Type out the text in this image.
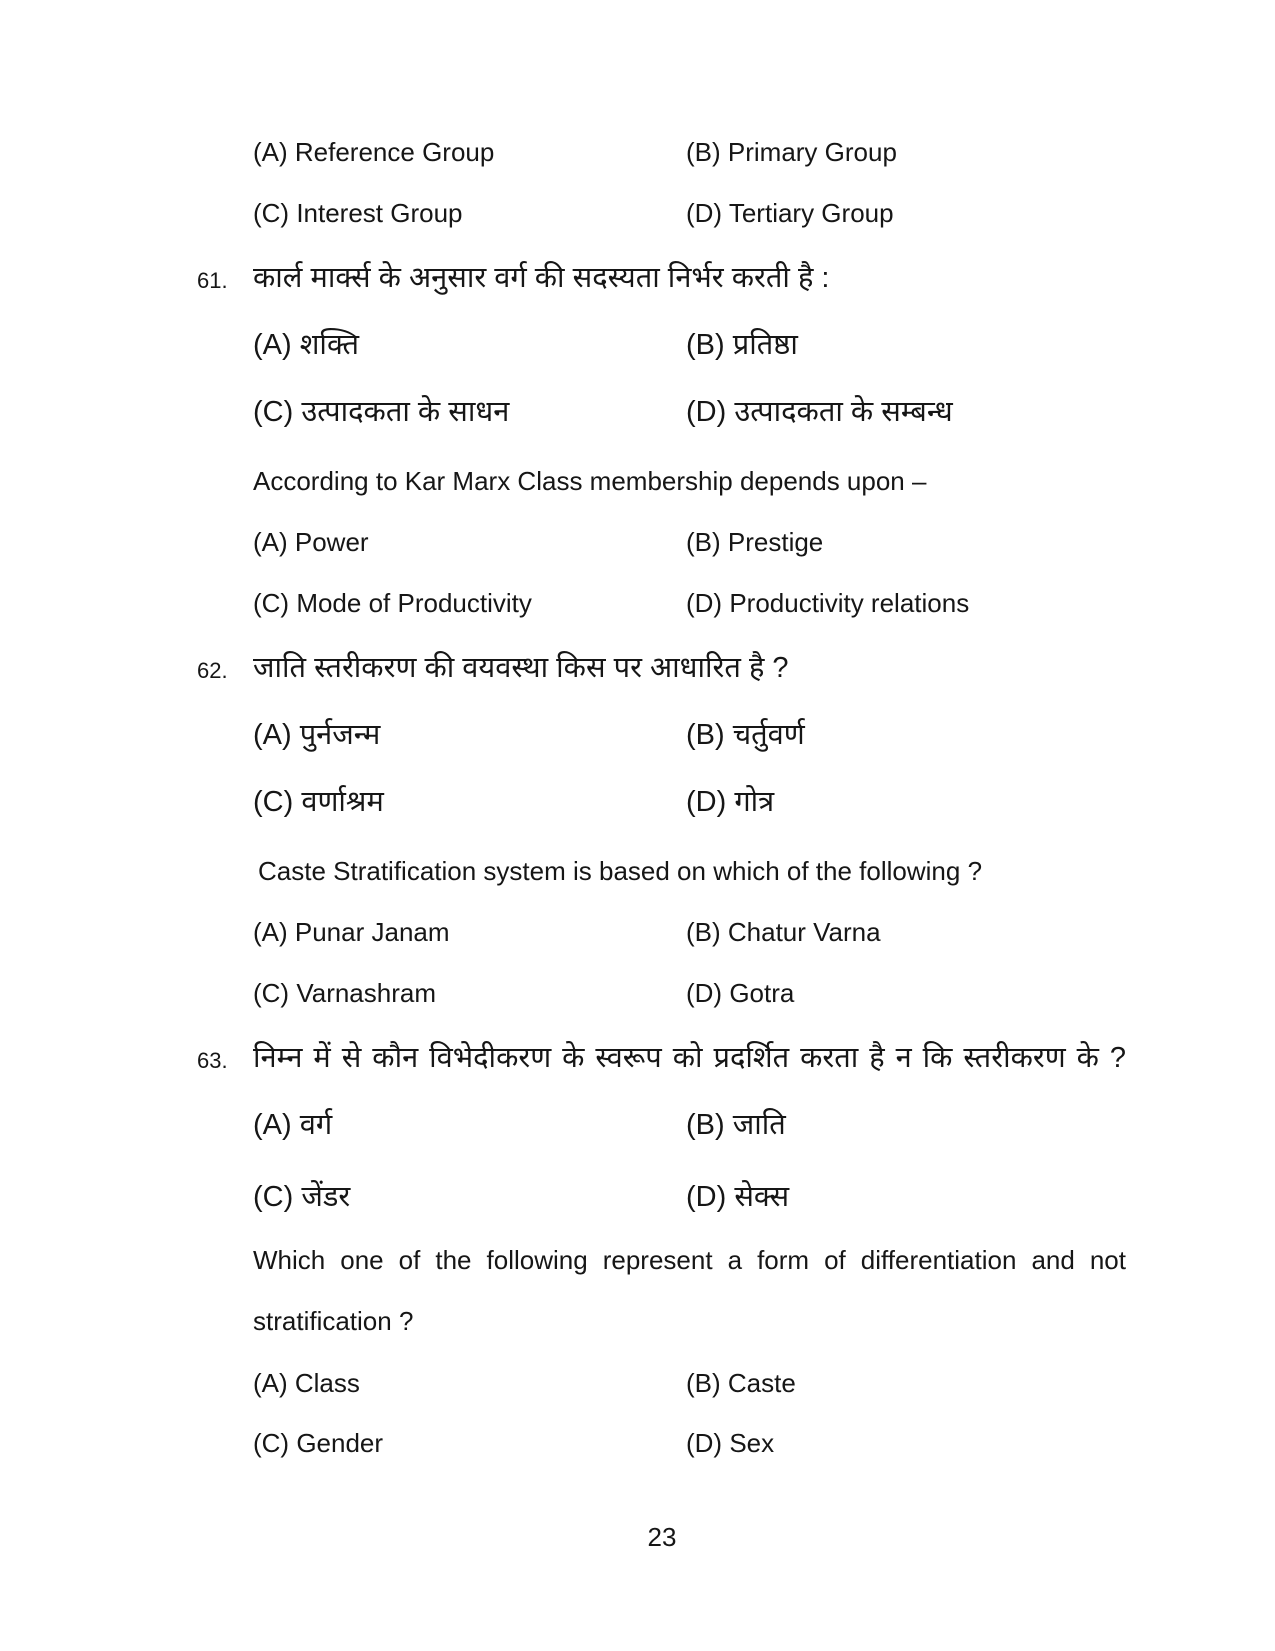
(A) Reference Group	(B) Primary Group
(C) Interest Group	(D) Tertiary Group
61. कार्ल मार्क्स के अनुसार वर्ग की सदस्यता निर्भर करती है :
(A) शक्ति	(B) प्रतिष्ठा
(C) उत्पादकता के साधन	(D) उत्पादकता के सम्बन्ध
According to Kar Marx Class membership depends upon –
(A) Power	(B) Prestige
(C) Mode of Productivity	(D) Productivity relations
62. जाति स्तरीकरण की वयवस्था किस पर आधारित है ?
(A) पुर्नजन्म	(B) चर्तुवर्ण
(C) वर्णाश्रम	(D) गोत्र
Caste Stratification system is based on which of the following ?
(A) Punar Janam	(B) Chatur Varna
(C) Varnashram	(D) Gotra
63. निम्न में से कौन विभेदीकरण के स्वरूप को प्रदर्शित करता है न कि स्तरीकरण के ?
(A) वर्ग	(B) जाति
(C) जेंडर	(D) सेक्स
Which one of the following represent a form of differentiation and not
stratification ?
(A) Class	(B) Caste
(C) Gender	(D) Sex
23
